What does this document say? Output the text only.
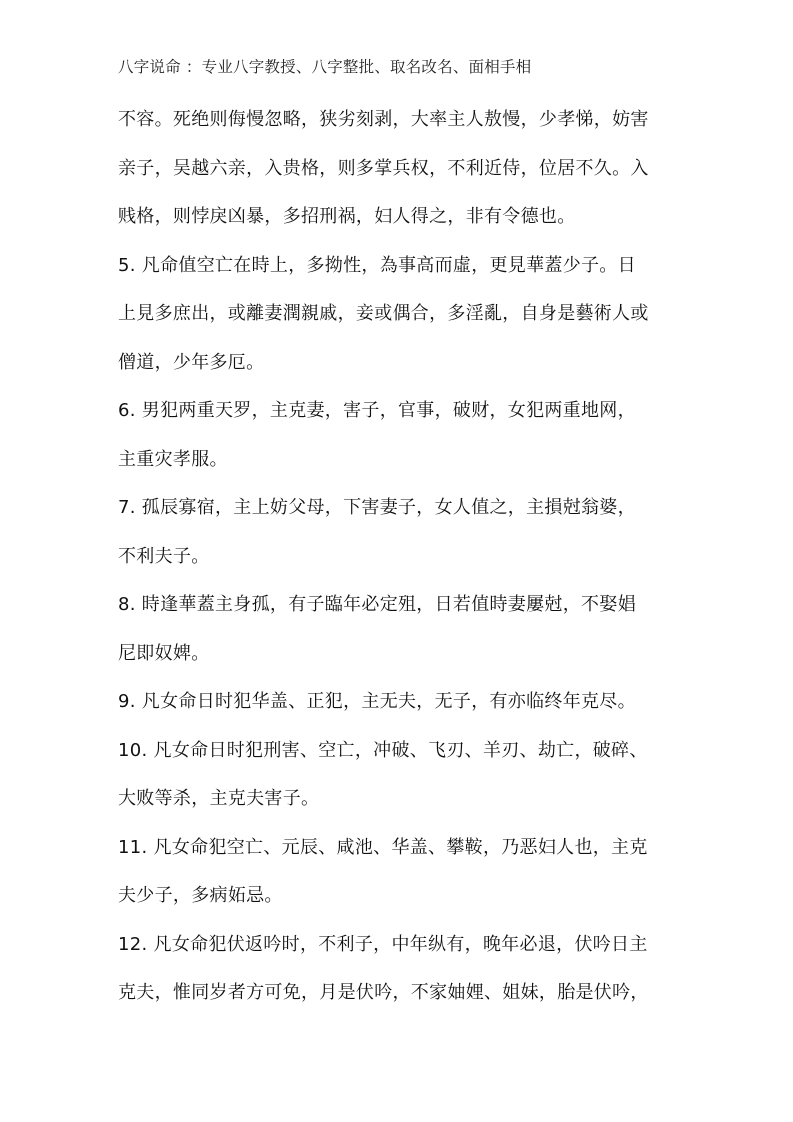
八字说命 ：专业八字教授、八字整批、取名改名、面相手相
不容。死绝则侮慢忽略，狭劣刻剥，大率主人敖慢，少孝悌，妨害
亲子，吴越六亲，入贵格，则多掌兵权，不利近侍，位居不久。入
贱格，则悖戾凶暴，多招刑祸，妇人得之，非有令德也。
5. 凡命值空亡在時上，多拗性，為事高而虛，更見華蓋少子。日
上見多庶出，或離妻潤親戚，妾或偶合，多淫亂，自身是藝術人或
僧道，少年多厄。
6. 男犯两重天罗，主克妻，害子，官事，破财，女犯两重地网，
主重灾孝服。
7. 孤辰寡宿，主上妨父母，下害妻子，女人值之，主損尅翁婆，
不利夫子。
8. 時逢華蓋主身孤，有子臨年必定殂，日若值時妻屢尅，不娶娼
尼即奴婢。
9. 凡女命日时犯华盖、正犯，主无夫，无子，有亦临终年克尽。
10. 凡女命日时犯刑害、空亡，冲破、飞刃、羊刃、劫亡，破碎、
大败等杀，主克夫害子。
11. 凡女命犯空亡、元辰、咸池、华盖、攀鞍，乃恶妇人也，主克
夫少子，多病妬忌。
12. 凡女命犯伏返吟时，不利子，中年纵有，晚年必退，伏吟日主
克夫，惟同岁者方可免，月是伏吟，不家妯娌、姐妹，胎是伏吟，
